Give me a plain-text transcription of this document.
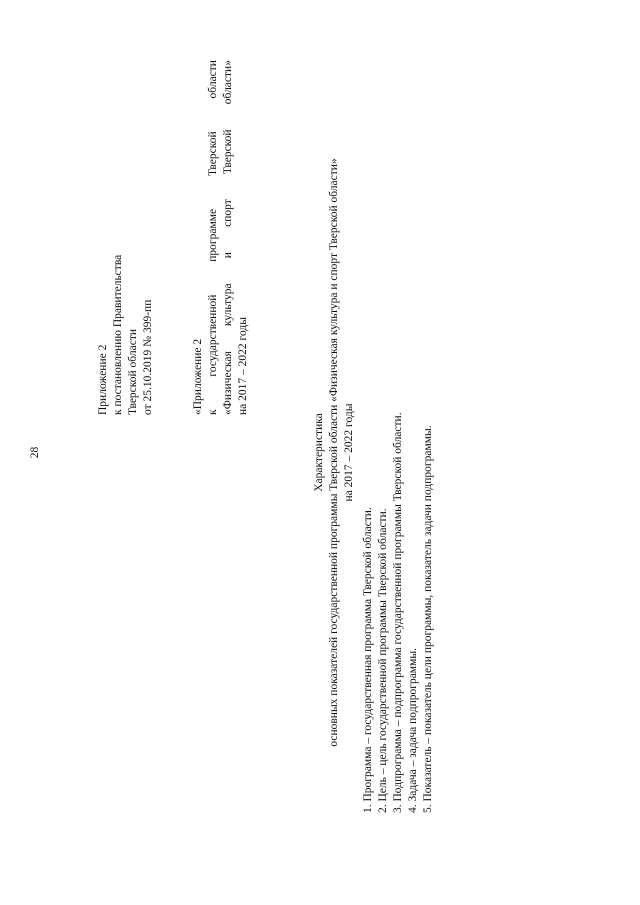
28
Приложение 2 к постановлению Правительства Тверской области от 25.10.2019 № 399-пп	«Приложение 2 к
государственной
программе
Тверской
области
«Физическая
культура
и
спорт
Тверской
области»
на 2017 – 2022 годы
Характеристика основных показателей государственной программы Тверской области «Физическая культура и спорт Тверской области» на 2017 – 2022 годы
1. Программа – государственная программа Тверской области. 2. Цель – цель государственной программы Тверской области. 3. Подпрограмма – подпрограмма государственной программы Тверской области. 4. Задача – задача подпрограммы. 5. Показатель – показатель цели программы, показатель задачи подпрограммы.
